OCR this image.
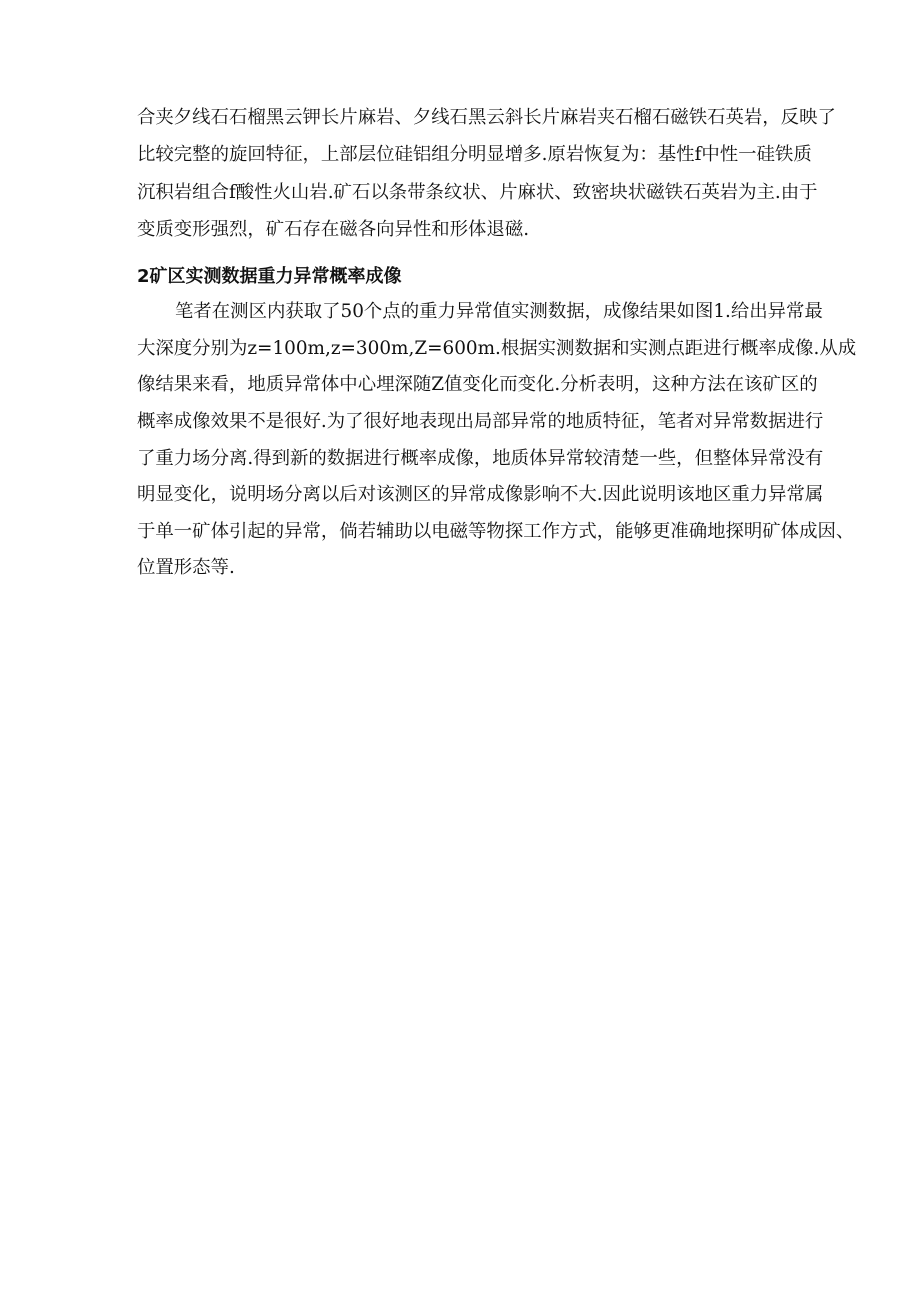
合夹夕线石石榴黑云钾长片麻岩、夕线石黑云斜长片麻岩夹石榴石磁铁石英岩，反映了
比较完整的旋回特征，上部层位硅铝组分明显增多.原岩恢复为：基性f中性一硅铁质
沉积岩组合f酸性火山岩.矿石以条带条纹状、片麻状、致密块状磁铁石英岩为主.由于
变质变形强烈，矿石存在磁各向异性和形体退磁.
2矿区实测数据重力异常概率成像
笔者在测区内获取了50个点的重力异常值实测数据，成像结果如图1.给出异常最
大深度分别为z=100m,z=300m,Z=600m.根据实测数据和实测点距进行概率成像.从成
像结果来看，地质异常体中心埋深随Z值变化而变化.分析表明，这种方法在该矿区的
概率成像效果不是很好.为了很好地表现出局部异常的地质特征，笔者对异常数据进行
了重力场分离.得到新的数据进行概率成像，地质体异常较清楚一些，但整体异常没有
明显变化，说明场分离以后对该测区的异常成像影响不大.因此说明该地区重力异常属
于单一矿体引起的异常，倘若辅助以电磁等物探工作方式，能够更准确地探明矿体成因、
位置形态等.
